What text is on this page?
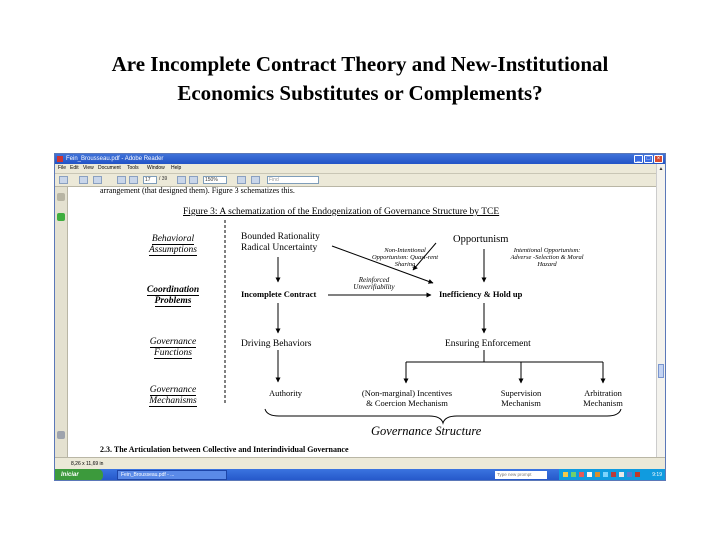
Are Incomplete Contract Theory and New-Institutional
Economics Substitutes or Complements?
Fein_Brousseau.pdf - Adobe Reader	_	□	×
File Edit View Document Tools Window Help
17	/ 39	150%	Find
▲
arrangement (that designed them). Figure 3 schematizes this.
Figure 3: A schematization of the Endogenization of Governance Structure by TCE
Behavioral
Assumptions
Coordination
Problems
Governance
Functions
Governance
Mechanisms
Bounded Rationality
Radical Uncertainty
Opportunism
Non-Intentional
Opportunism: Quasi-rent
Sharing
Intentional Opportunism:
Adverse -Selection & Moral
Hazard
Reinforced
Unverifiability
Incomplete Contract	Inefficiency & Hold up
Driving Behaviors	Ensuring Enforcement
Authority	(Non-marginal) Incentives
& Coercion Mechanism
Supervision
Mechanism
Arbitration
Mechanism
Governance Structure
2.3. The Articulation between Collective and Interindividual Governance
8,26 x 11,69 in
Iniciar	Fein_Brousseau.pdf - ...	Type new prompt	9:19
